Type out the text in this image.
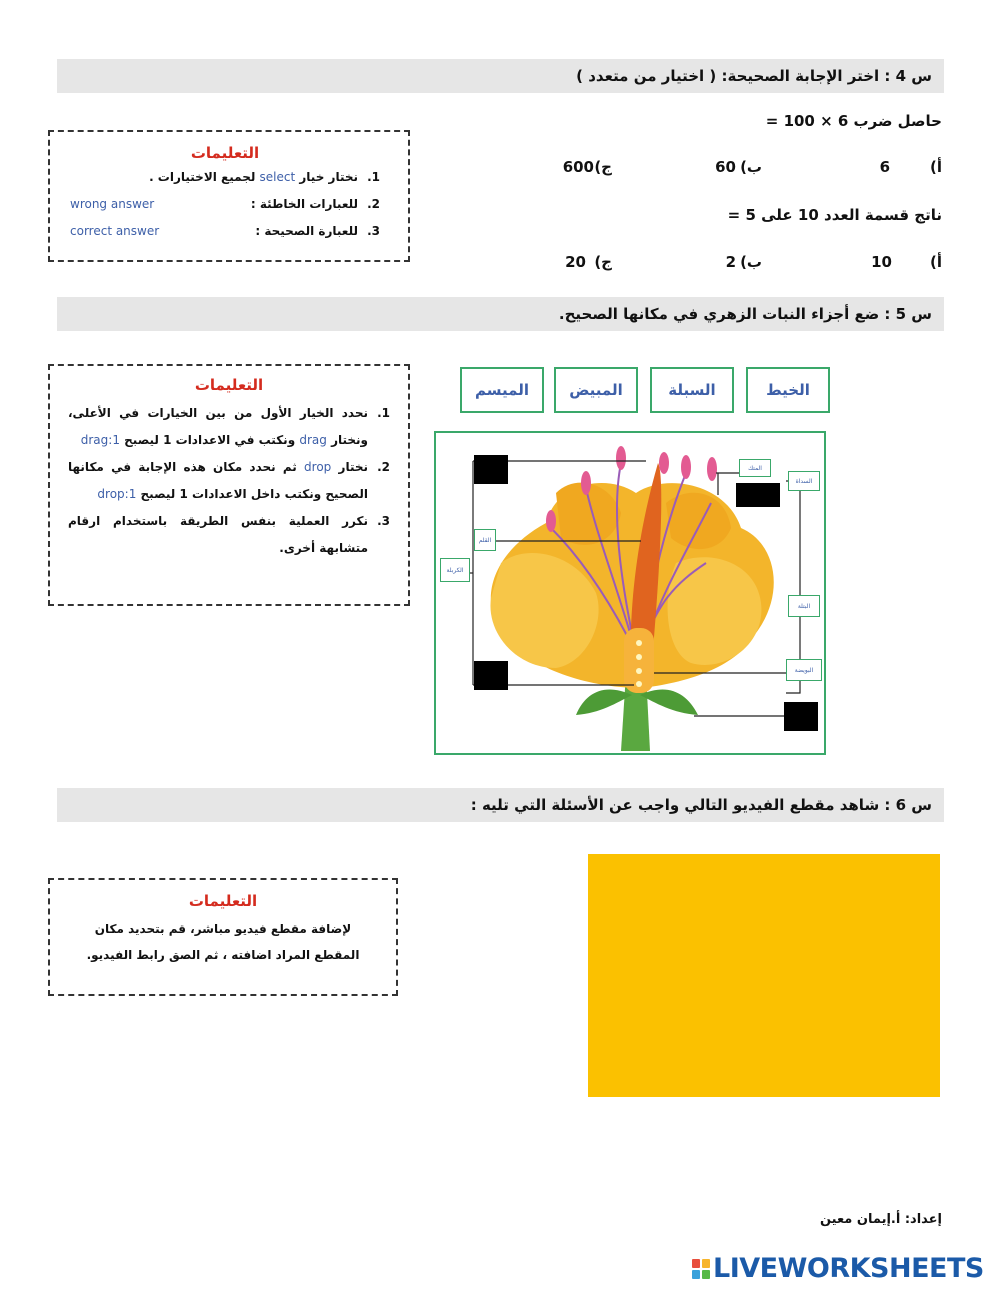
س 4 : اختر الإجابة الصحيحة: ( اختيار من متعدد )
حاصل ضرب 6 × 100 =
أ)
6
ب)
60
ج)
600
ناتج قسمة العدد 10 على 5 =
أ)
10
ب)
2
ج)
20
التعليمات
1.
نختار خيار select لجميع الاختيارات .
2.
للعبارات الخاطئة :
wrong answer
3.
للعبارة الصحيحة :
correct answer
س 5 : ضع أجزاء النبات الزهري في مكانها الصحيح.
الخيط
السبلة
المبيض
الميسم
المتك
السداة
القلم
الكربلة
البتلة
البويضة
التعليمات
1.
نحدد الخيار الأول من بين الخيارات في الأعلى، ونختار drag ونكتب في الاعدادات 1 ليصبح drag:1
2.
نختار drop ثم نحدد مكان هذه الإجابة في مكانها الصحيح ونكتب داخل الاعدادات 1 ليصبح drop:1
3.
نكرر العملية بنفس الطريقة باستخدام ارقام متشابهة أخرى.
س 6 : شاهد مقطع الفيديو التالي واجب عن الأسئلة التي تليه :
التعليمات
لإضافة مقطع فيديو مباشر، قم بتحديد مكان المقطع المراد اضافته ، ثم الصق رابط الفيديو.
إعداد: أ.إيمان معين
LIVEWORKSHEETS
